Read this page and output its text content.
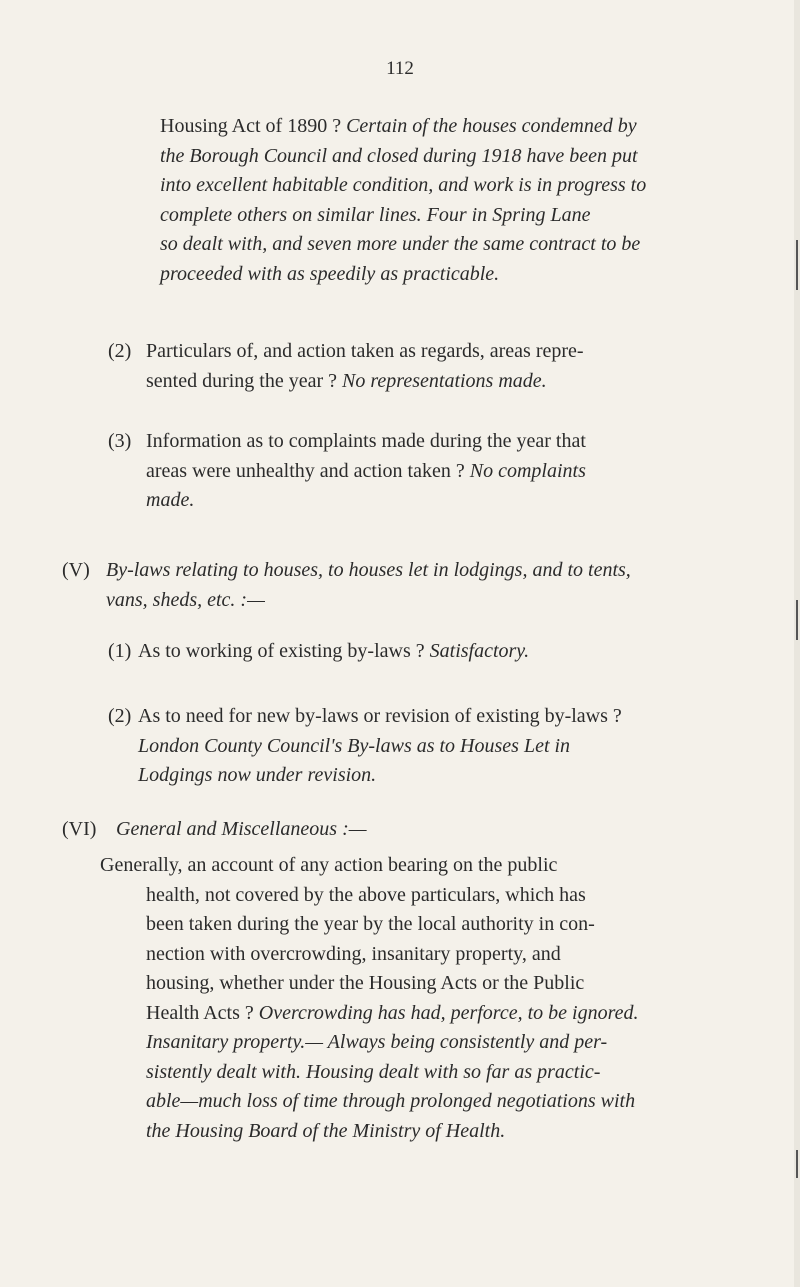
112
Housing Act of 1890 ? Certain of the houses condemned by
the Borough Council and closed during 1918 have been put
into excellent habitable condition, and work is in progress to
complete others on similar lines. Four in Spring Lane
so dealt with, and seven more under the same contract to be
proceeded with as speedily as practicable.
(2) Particulars of, and action taken as regards, areas repre-
sented during the year ? No representations made.
(3) Information as to complaints made during the year that
areas were unhealthy and action taken ? No complaints
made.
(V) By-laws relating to houses, to houses let in lodgings, and to tents,
vans, sheds, etc. :—
(1) As to working of existing by-laws ? Satisfactory.
(2) As to need for new by-laws or revision of existing by-laws ?
London County Council's By-laws as to Houses Let in
Lodgings now under revision.
(VI) General and Miscellaneous :—
Generally, an account of any action bearing on the public
health, not covered by the above particulars, which has
been taken during the year by the local authority in con-
nection with overcrowding, insanitary property, and
housing, whether under the Housing Acts or the Public
Health Acts ? Overcrowding has had, perforce, to be ignored.
Insanitary property.— Always being consistently and per-
sistently dealt with. Housing dealt with so far as practic-
able—much loss of time through prolonged negotiations with
the Housing Board of the Ministry of Health.
